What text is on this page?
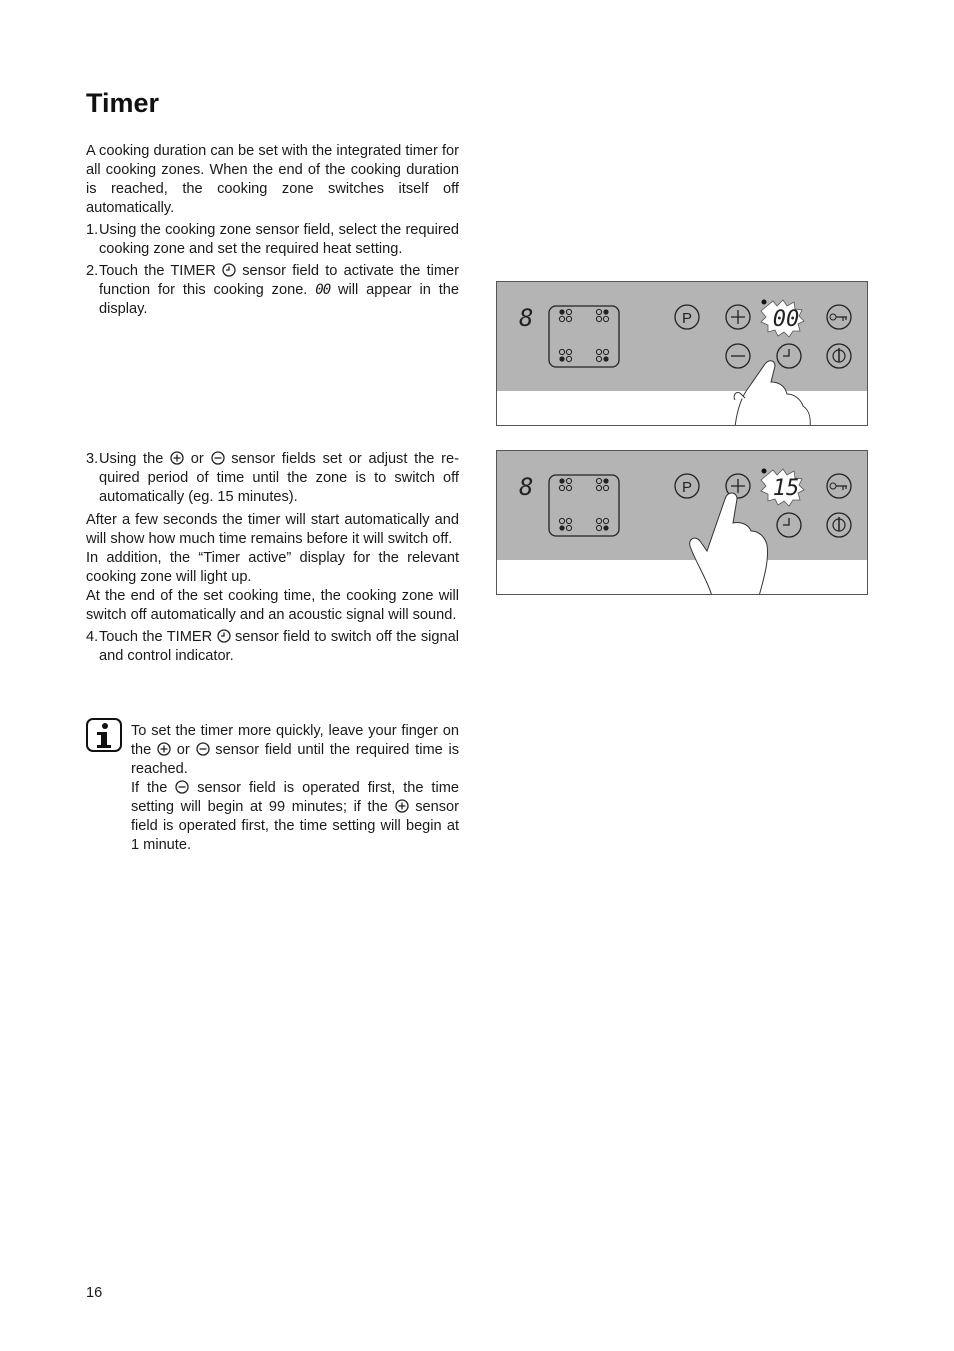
Timer

A cooking duration can be set with the integrated timer for all cooking zones. When the end of the cooking duration is reached, the cooking zone switches itself off automatically.

1. Using the cooking zone sensor field, select the required cooking zone and set the required heat setting.

2. Touch the TIMER sensor field to activate the timer function for this cooking zone. 00 will appear in the display.

3. Using the or sensor fields set or adjust the required period of time until the zone is to switch off automatically (eg. 15 minutes).

After a few seconds the timer will start automatically and will show how much time remains before it will switch off.

In addition, the “Timer active” display for the relevant cooking zone will light up.

At the end of the set cooking time, the cooking zone will switch off automatically and an acoustic signal will sound.

4. Touch the TIMER sensor field to switch off the signal and control indicator.

To set the timer more quickly, leave your finger on the or sensor field until the required time is reached.

If the sensor field is operated first, the time setting will begin at 99 minutes; if the sensor field is operated first, the time setting will begin at 1 minute.

8	P	00
8	P	15
16
